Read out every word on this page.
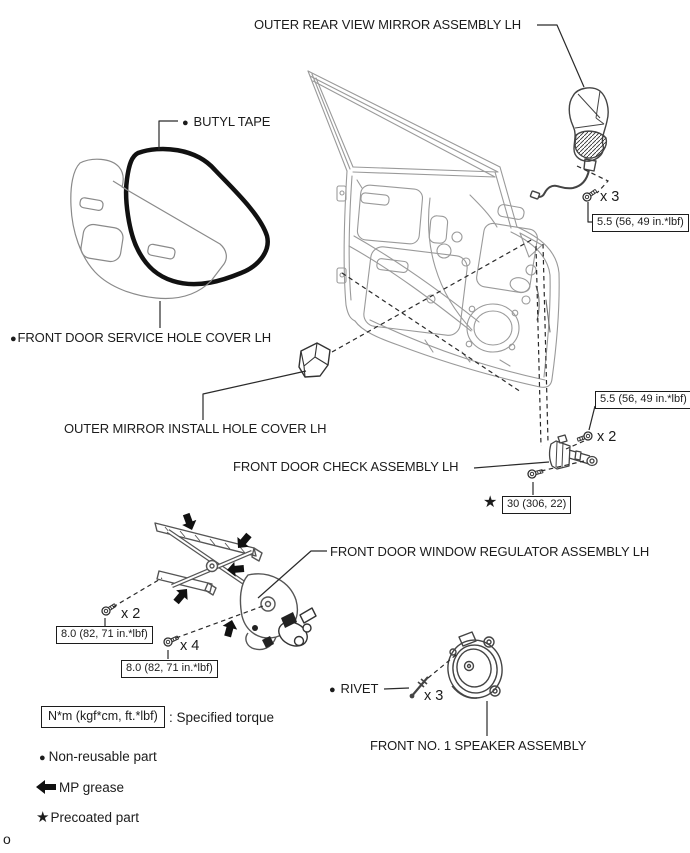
OUTER REAR VIEW MIRROR ASSEMBLY LH
● BUTYL TAPE
●FRONT DOOR SERVICE HOLE COVER LH
OUTER MIRROR INSTALL HOLE COVER LH
FRONT DOOR CHECK ASSEMBLY LH
FRONT DOOR WINDOW REGULATOR ASSEMBLY LH
● RIVET
FRONT NO. 1 SPEAKER ASSEMBLY
x 3
x 2
x 2
x 4
x 3
5.5 (56, 49 in.*lbf)
5.5 (56, 49 in.*lbf)
★ 30 (306, 22)
8.0 (82, 71 in.*lbf)
8.0 (82, 71 in.*lbf)
N*m (kgf*cm, ft.*lbf) : Specified torque
● Non-reusable part
MP grease
★Precoated part
o
